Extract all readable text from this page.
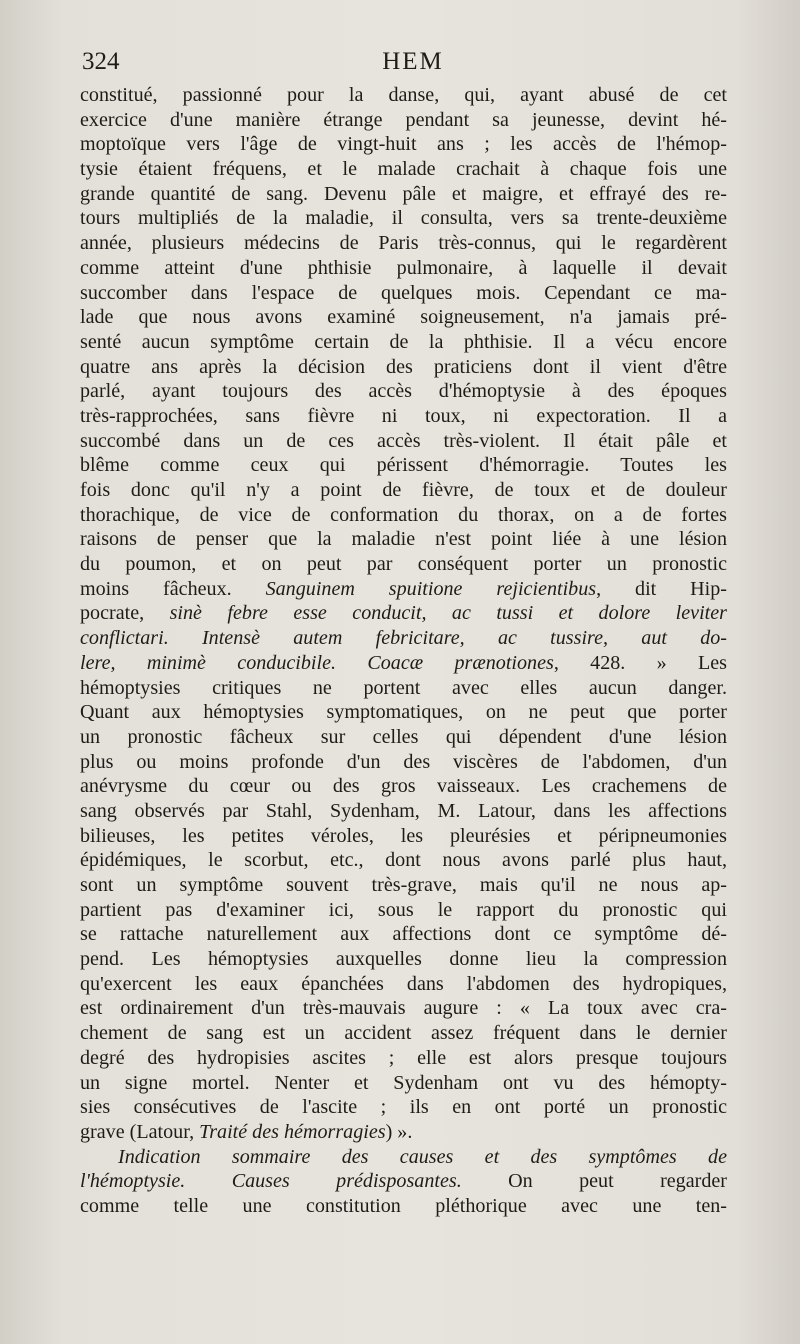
324	HEM
constitué, passionné pour la danse, qui, ayant abusé de cet
exercice d'une manière étrange pendant sa jeunesse, devint hé-
moptoïque vers l'âge de vingt-huit ans ; les accès de l'hémop-
tysie étaient fréquens, et le malade crachait à chaque fois une
grande quantité de sang. Devenu pâle et maigre, et effrayé des re-
tours multipliés de la maladie, il consulta, vers sa trente-deuxième
année, plusieurs médecins de Paris très-connus, qui le regardèrent
comme atteint d'une phthisie pulmonaire, à laquelle il devait
succomber dans l'espace de quelques mois. Cependant ce ma-
lade que nous avons examiné soigneusement, n'a jamais pré-
senté aucun symptôme certain de la phthisie. Il a vécu encore
quatre ans après la décision des praticiens dont il vient d'être
parlé, ayant toujours des accès d'hémoptysie à des époques
très-rapprochées, sans fièvre ni toux, ni expectoration. Il a
succombé dans un de ces accès très-violent. Il était pâle et
blême comme ceux qui périssent d'hémorragie. Toutes les
fois donc qu'il n'y a point de fièvre, de toux et de douleur
thorachique, de vice de conformation du thorax, on a de fortes
raisons de penser que la maladie n'est point liée à une lésion
du poumon, et on peut par conséquent porter un pronostic
moins fâcheux. Sanguinem spuitione rejicientibus, dit Hip-
pocrate, sinè febre esse conducit, ac tussi et dolore leviter
conflictari. Intensè autem febricitare, ac tussire, aut do-
lere, minimè conducibile. Coacæ prænotiones, 428. » Les
hémoptysies critiques ne portent avec elles aucun danger.
Quant aux hémoptysies symptomatiques, on ne peut que porter
un pronostic fâcheux sur celles qui dépendent d'une lésion
plus ou moins profonde d'un des viscères de l'abdomen, d'un
anévrysme du cœur ou des gros vaisseaux. Les crachemens de
sang observés par Stahl, Sydenham, M. Latour, dans les affections
bilieuses, les petites véroles, les pleurésies et péripneumonies
épidémiques, le scorbut, etc., dont nous avons parlé plus haut,
sont un symptôme souvent très-grave, mais qu'il ne nous ap-
partient pas d'examiner ici, sous le rapport du pronostic qui
se rattache naturellement aux affections dont ce symptôme dé-
pend. Les hémoptysies auxquelles donne lieu la compression
qu'exercent les eaux épanchées dans l'abdomen des hydropiques,
est ordinairement d'un très-mauvais augure : « La toux avec cra-
chement de sang est un accident assez fréquent dans le dernier
degré des hydropisies ascites ; elle est alors presque toujours
un signe mortel. Nenter et Sydenham ont vu des hémopty-
sies consécutives de l'ascite ; ils en ont porté un pronostic
grave (Latour, Traité des hémorragies) ».
Indication sommaire des causes et des symptômes de
l'hémoptysie. Causes prédisposantes. On peut regarder
comme telle une constitution pléthorique avec une ten-
